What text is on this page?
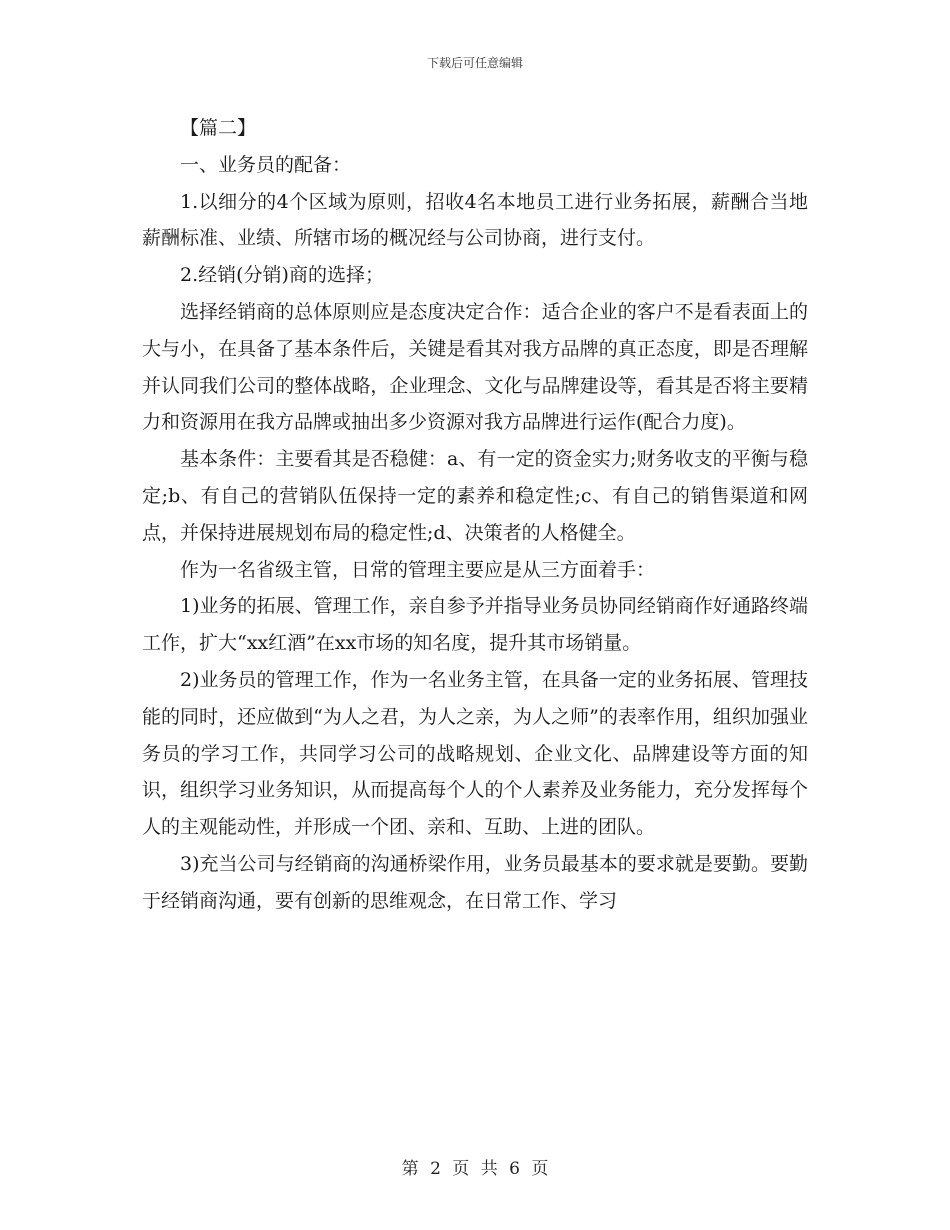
下载后可任意编辑

【篇二】

一、业务员的配备：

1.以细分的4个区域为原则，招收4名本地员工进行业务拓展，薪酬合当地薪酬标准、业绩、所辖市场的概况经与公司协商，进行支付。

2.经销(分销)商的选择；

选择经销商的总体原则应是态度决定合作：适合企业的客户不是看表面上的大与小，在具备了基本条件后，关键是看其对我方品牌的真正态度，即是否理解并认同我们公司的整体战略，企业理念、文化与品牌建设等，看其是否将主要精力和资源用在我方品牌或抽出多少资源对我方品牌进行运作(配合力度)。

基本条件：主要看其是否稳健：a、有一定的资金实力;财务收支的平衡与稳定;b、有自己的营销队伍保持一定的素养和稳定性;c、有自己的销售渠道和网点，并保持进展规划布局的稳定性;d、决策者的人格健全。

作为一名省级主管，日常的管理主要应是从三方面着手：

1)业务的拓展、管理工作，亲自参予并指导业务员协同经销商作好通路终端工作，扩大“xx红酒”在xx市场的知名度，提升其市场销量。

2)业务员的管理工作，作为一名业务主管，在具备一定的业务拓展、管理技能的同时，还应做到“为人之君，为人之亲，为人之师”的表率作用，组织加强业务员的学习工作，共同学习公司的战略规划、企业文化、品牌建设等方面的知识，组织学习业务知识，从而提高每个人的个人素养及业务能力，充分发挥每个人的主观能动性，并形成一个团、亲和、互助、上进的团队。

3)充当公司与经销商的沟通桥梁作用，业务员最基本的要求就是要勤。要勤于经销商沟通，要有创新的思维观念，在日常工作、学习

第 2 页 共 6 页
